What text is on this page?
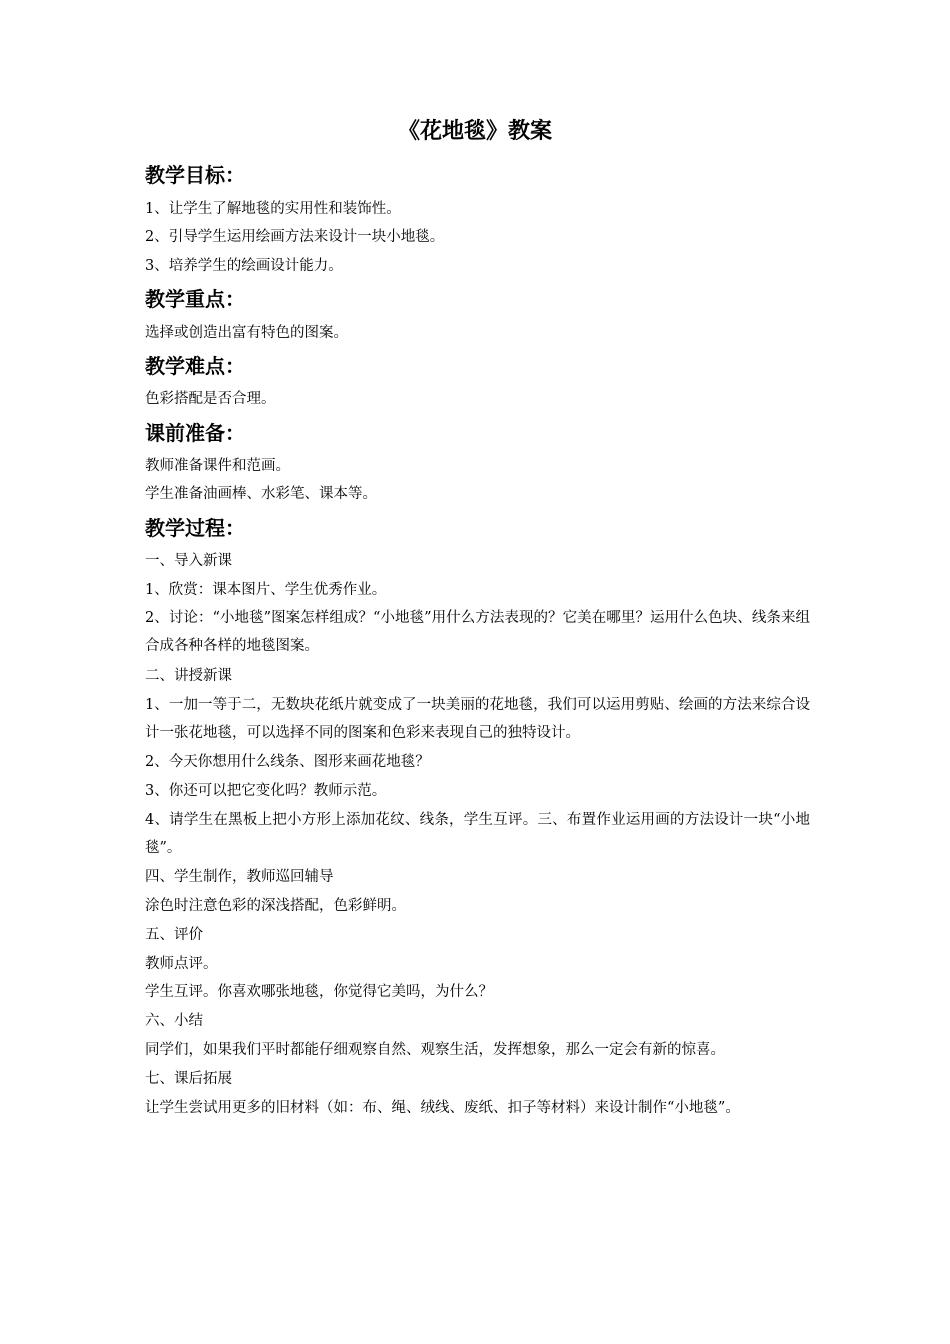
《花地毯》教案
教学目标：

1、让学生了解地毯的实用性和装饰性。

2、引导学生运用绘画方法来设计一块小地毯。

3、培养学生的绘画设计能力。

教学重点：

选择或创造出富有特色的图案。

教学难点：

色彩搭配是否合理。

课前准备：

教师准备课件和范画。

学生准备油画棒、水彩笔、课本等。

教学过程：

一、导入新课

1、欣赏：课本图片、学生优秀作业。

2、讨论：“小地毯”图案怎样组成？“小地毯”用什么方法表现的？它美在哪里？运用什么色块、线条来组合成各种各样的地毯图案。

二、讲授新课

1、一加一等于二，无数块花纸片就变成了一块美丽的花地毯，我们可以运用剪贴、绘画的方法来综合设计一张花地毯，可以选择不同的图案和色彩来表现自己的独特设计。

2、今天你想用什么线条、图形来画花地毯？

3、你还可以把它变化吗？教师示范。

4、请学生在黑板上把小方形上添加花纹、线条，学生互评。三、布置作业运用画的方法设计一块“小地毯”。

四、学生制作，教师巡回辅导

涂色时注意色彩的深浅搭配，色彩鲜明。

五、评价

教师点评。

学生互评。你喜欢哪张地毯，你觉得它美吗，为什么？

六、小结

同学们，如果我们平时都能仔细观察自然、观察生活，发挥想象，那么一定会有新的惊喜。

七、课后拓展

让学生尝试用更多的旧材料（如：布、绳、绒线、废纸、扣子等材料）来设计制作“小地毯”。
